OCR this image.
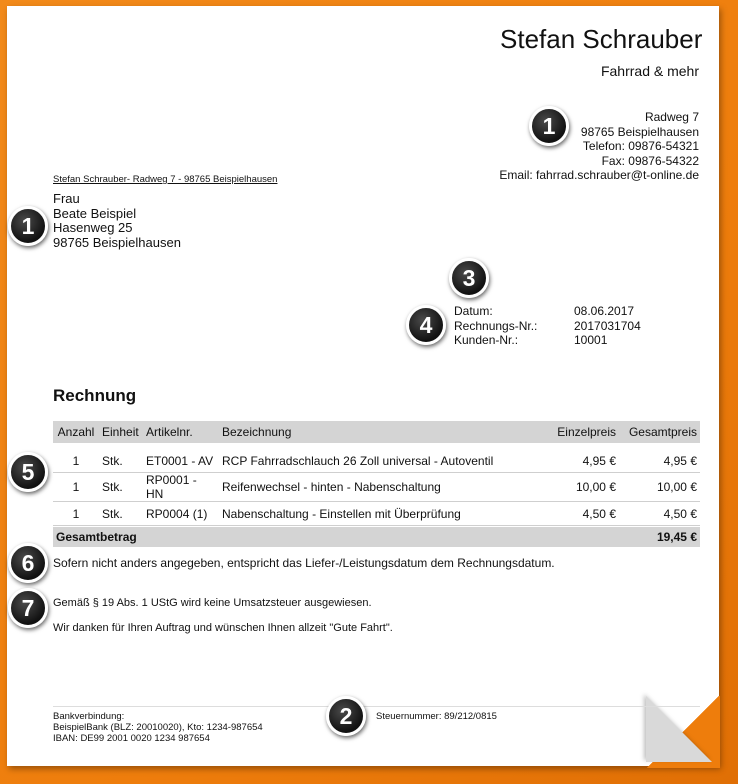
Stefan Schrauber
Fahrrad & mehr
Radweg 7
98765 Beispielhausen
Telefon: 09876-54321
Fax: 09876-54322
Email: fahrrad.schrauber@t-online.de
Stefan Schrauber- Radweg 7 - 98765 Beispielhausen
Frau
Beate Beispiel
Hasenweg 25
98765 Beispielhausen
Datum:	08.06.2017
Rechnungs-Nr.:	2017031704
Kunden-Nr.:	10001
Rechnung
Anzahl	Einheit	Artikelnr.	Bezeichnung	Einzelpreis	Gesamtpreis
1	Stk.	ET0001 - AV	RCP Fahrradschlauch 26 Zoll universal - Autoventil	4,95 €	4,95 €
1	Stk.	RP0001 - HN	Reifenwechsel - hinten - Nabenschaltung	10,00 €	10,00 €
1	Stk.	RP0004 (1)	Nabenschaltung - Einstellen mit Überprüfung	4,50 €	4,50 €
Gesamtbetrag	19,45 €
Sofern nicht anders angegeben, entspricht das Liefer-/Leistungsdatum dem Rechnungsdatum.
Gemäß § 19 Abs. 1 UStG wird keine Umsatzsteuer ausgewiesen.
Wir danken für Ihren Auftrag und wünschen Ihnen allzeit "Gute Fahrt".
Bankverbindung:
BeispielBank (BLZ: 20010020), Kto: 1234-987654
IBAN: DE99 2001 0020 1234 987654
Steuernummer: 89/212/0815
1
1
3
4
5
6
7
2
